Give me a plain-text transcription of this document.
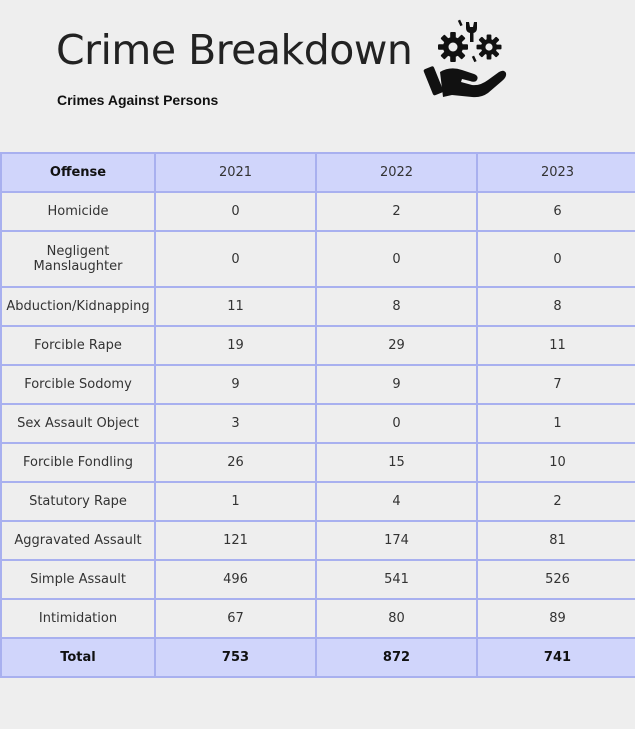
Crime Breakdown

Crimes Against Persons

Offense	2021	2022	2023
Homicide	0	2	6
Negligent Manslaughter	0	0	0
Abduction/Kidnapping	11	8	8
Forcible Rape	19	29	11
Forcible Sodomy	9	9	7
Sex Assault Object	3	0	1
Forcible Fondling	26	15	10
Statutory Rape	1	4	2
Aggravated Assault	121	174	81
Simple Assault	496	541	526
Intimidation	67	80	89
Total	753	872	741
